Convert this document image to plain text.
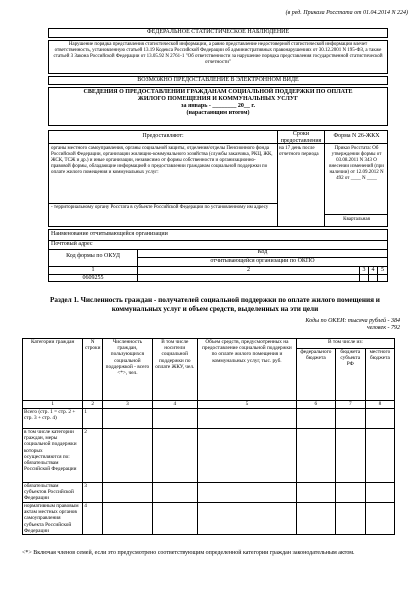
(в ред. Приказа Росстата от 01.04.2014 N 224)
ФЕДЕРАЛЬНОЕ СТАТИСТИЧЕСКОЕ НАБЛЮДЕНИЕ
Нарушение порядка представления статистической информации, а равно представление недостоверной статистической информации влечет ответственность, установленную статьей 13.19 Кодекса Российской Федерации об административных правонарушениях от 30.12.2001 N 195-ФЗ, а также статьей 3 Закона Российской Федерации от 13.05.92 N 2761-1 "Об ответственности за нарушение порядка представления государственной статистической отчетности"
ВОЗМОЖНО ПРЕДОСТАВЛЕНИЕ В ЭЛЕКТРОННОМ ВИДЕ
СВЕДЕНИЯ О ПРЕДОСТАВЛЕНИИ ГРАЖДАНАМ СОЦИАЛЬНОЙ ПОДДЕРЖКИ ПО ОПЛАТЕ ЖИЛОГО ПОМЕЩЕНИЯ И КОММУНАЛЬНЫХ УСЛУГ
за январь - ________ 20__ г.
(нарастающим итогом)
Предоставляют:	Сроки предоставления
Форма N 26-ЖКХ
органы местного самоуправления, органы социальной защиты, отделения/отделы Пенсионного фонда Российской Федерации, организации жилищно-коммунального хозяйства (службы заказчика, РКЦ, ЖК, ЖСК, ТСЖ и др.) и иные организации, независимо от формы собственности и организационно-правовой формы, обладающие информацией о предоставлении гражданам социальной поддержки по оплате жилого помещения и коммунальных услуг:
на 17 день после отчетного периода
Приказ Росстата: Об утверждении формы от 03.08.2011 N 343 О внесении изменений (при наличии) от 12.09.2012 N 492 от ____ N ____
- территориальному органу Росстата в субъекте Российской Федерации по установленному им адресу
Квартальная
Наименование отчитывающейся организации
Почтовый адрес
Код формы по ОКУД
Код
отчитывающейся организации по ОКПО
1	2	3	4	5
0609255
Раздел 1. Численность граждан - получателей социальной поддержки по оплате жилого помещения и коммунальных услуг и объем средств, выделенных на эти цели
Коды по ОКЕИ: тысяча рублей - 384
человек - 792
Категории граждан	N строки	Численность граждан, пользующихся социальной поддержкой - всего <*>, чел.	В том числе носители социальной поддержки по оплате ЖКУ, чел.	Объем средств, предусмотренных на предоставление социальной поддержки по оплате жилого помещения и коммунальных услуг, тыс. руб.	В том числе из:		
					федерального бюджета	бюджета субъекта РФ	местного бюджета
1	2	3	4	5	6	7	8
Всего (стр. 1 = стр. 2 + стр. 3 + стр. 4)	1						
в том числе категории граждан, меры социальной поддержки которых осуществляются по: обязательствам Российской Федерации	2						
обязательствам субъектов Российской Федерации	3						
нормативным правовым актам местных органов самоуправления субъекта Российской Федерации	4						
<*> Включая членов семей, если это предусмотрено соответствующим определенной категории граждан законодательным актом.
